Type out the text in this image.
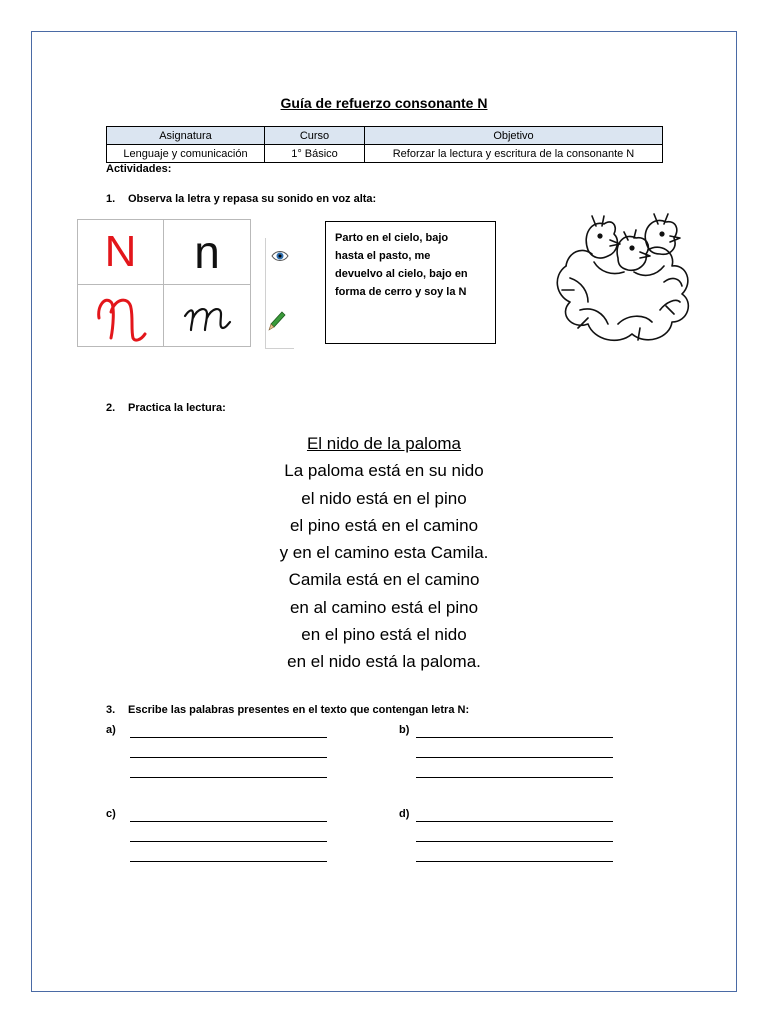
Guía de refuerzo consonante N
Asignatura	Curso	Objetivo
Lenguaje y comunicación	1° Básico	Reforzar la lectura y escritura de la consonante N
Actividades:
1. Observa la letra y repasa su sonido en voz alta:
N	n	Parto en el cielo, bajo
hasta el pasto, me
devuelvo al cielo, bajo en
forma de cerro y soy la N
2. Practica la lectura:
El nido de la paloma
La paloma está en su nido
el nido está en el pino
el pino está en el camino
y en el camino esta Camila.
Camila está en el camino
en al camino está el pino
en el pino está el nido
en el nido está la paloma.
3. Escribe las palabras presentes en el texto que contengan letra N:
a)	b)
c)	d)
